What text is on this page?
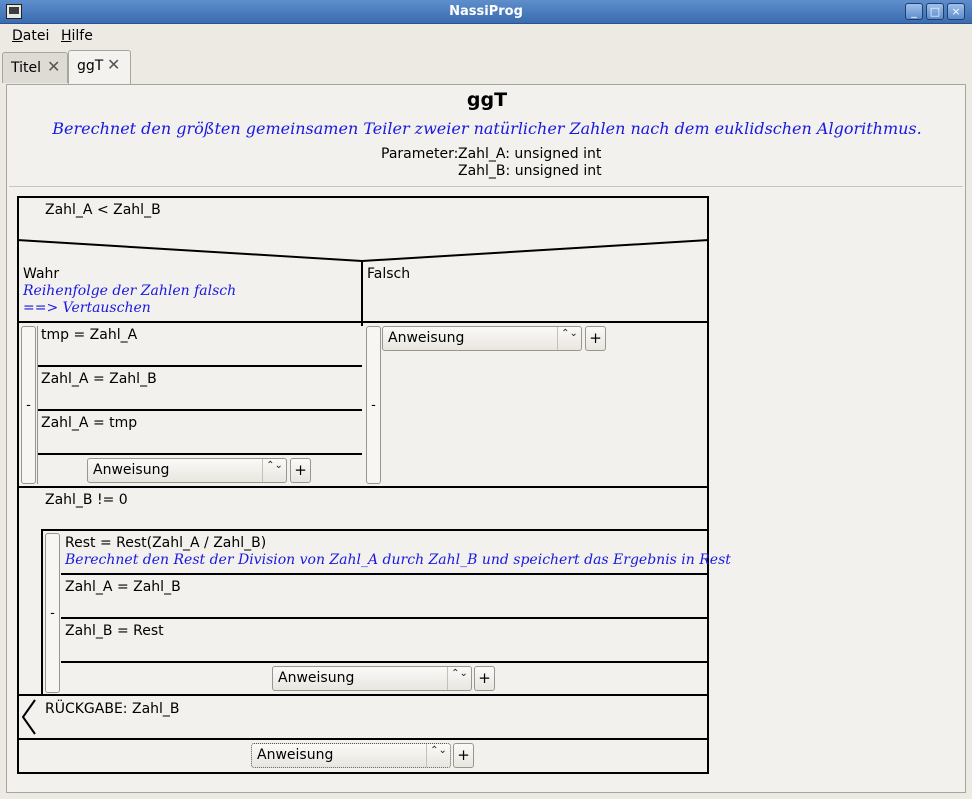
NassiProg	_	□	×
Datei Hilfe
Titel ✕	ggT ✕
ggT
Berechnet den größten gemeinsamen Teiler zweier natürlicher Zahlen nach dem euklidschen Algorithmus.
Parameter: Zahl_A: unsigned int
Zahl_B: unsigned int
Zahl_A < Zahl_B
Wahr
Reihenfolge der Zahlen falsch
==> Vertauschen
Falsch
-
tmp = Zahl_A
Zahl_A = Zahl_B
Zahl_A = tmp
Anweisung	⌃⌄ +
-
Anweisung	⌃⌄ +
Zahl_B != 0
-
Rest = Rest(Zahl_A / Zahl_B)
Berechnet den Rest der Division von Zahl_A durch Zahl_B und speichert das Ergebnis in Rest
Zahl_A = Zahl_B
Zahl_B = Rest
Anweisung	⌃⌄ +
RÜCKGABE: Zahl_B
Anweisung	⌃⌄ +
